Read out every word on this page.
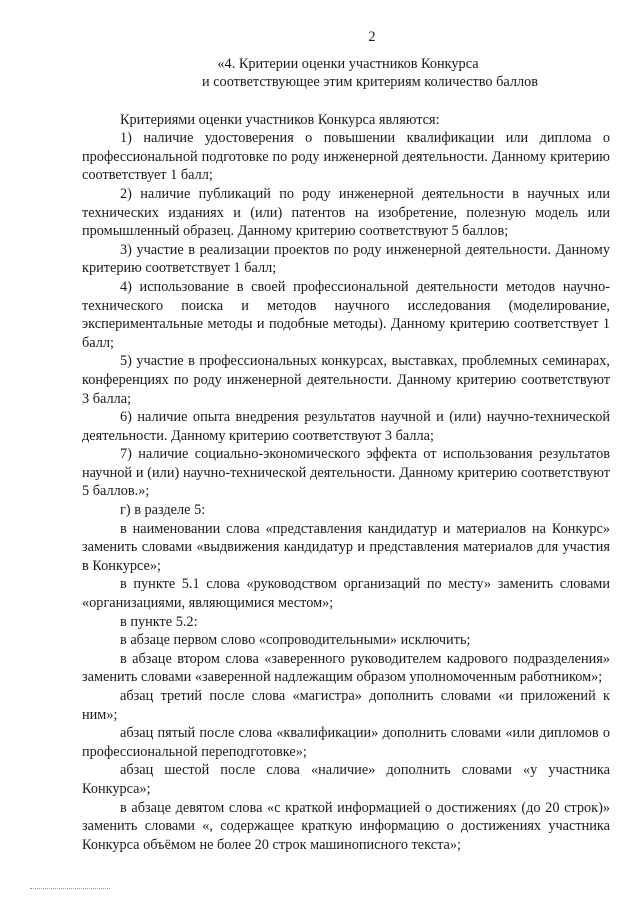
2
«4. Критерии оценки участников Конкурса
и соответствующее этим критериям количество баллов

Критериями оценки участников Конкурса являются:

1) наличие удостоверения о повышении квалификации или диплома о профессиональной подготовке по роду инженерной деятельности. Данному критерию соответствует 1 балл;

2) наличие публикаций по роду инженерной деятельности в научных или технических изданиях и (или) патентов на изобретение, полезную модель или промышленный образец. Данному критерию соответствуют 5 баллов;

3) участие в реализации проектов по роду инженерной деятельности. Данному критерию соответствует 1 балл;

4) использование в своей профессиональной деятельности методов научно-технического поиска и методов научного исследования (моделирование, экспериментальные методы и подобные методы). Данному критерию соответствует 1 балл;

5) участие в профессиональных конкурсах, выставках, проблемных семинарах, конференциях по роду инженерной деятельности. Данному критерию соответствуют 3 балла;

6) наличие опыта внедрения результатов научной и (или) научно-технической деятельности. Данному критерию соответствуют 3 балла;

7) наличие социально-экономического эффекта от использования результатов научной и (или) научно-технической деятельности. Данному критерию соответствуют 5 баллов.»;

г) в разделе 5:

в наименовании слова «представления кандидатур и материалов на Конкурс» заменить словами «выдвижения кандидатур и представления материалов для участия в Конкурсе»;

в пункте 5.1 слова «руководством организаций по месту» заменить словами «организациями, являющимися местом»;

в пункте 5.2:

в абзаце первом слово «сопроводительными» исключить;

в абзаце втором слова «заверенного руководителем кадрового подразделения» заменить словами «заверенной надлежащим образом уполномоченным работником»;

абзац третий после слова «магистра» дополнить словами «и приложений к ним»;

абзац пятый после слова «квалификации» дополнить словами «или дипломов о профессиональной переподготовке»;

абзац шестой после слова «наличие» дополнить словами «у участника Конкурса»;

в абзаце девятом слова «с краткой информацией о достижениях (до 20 строк)» заменить словами «, содержащее краткую информацию о достижениях участника Конкурса объёмом не более 20 строк машинописного текста»;
